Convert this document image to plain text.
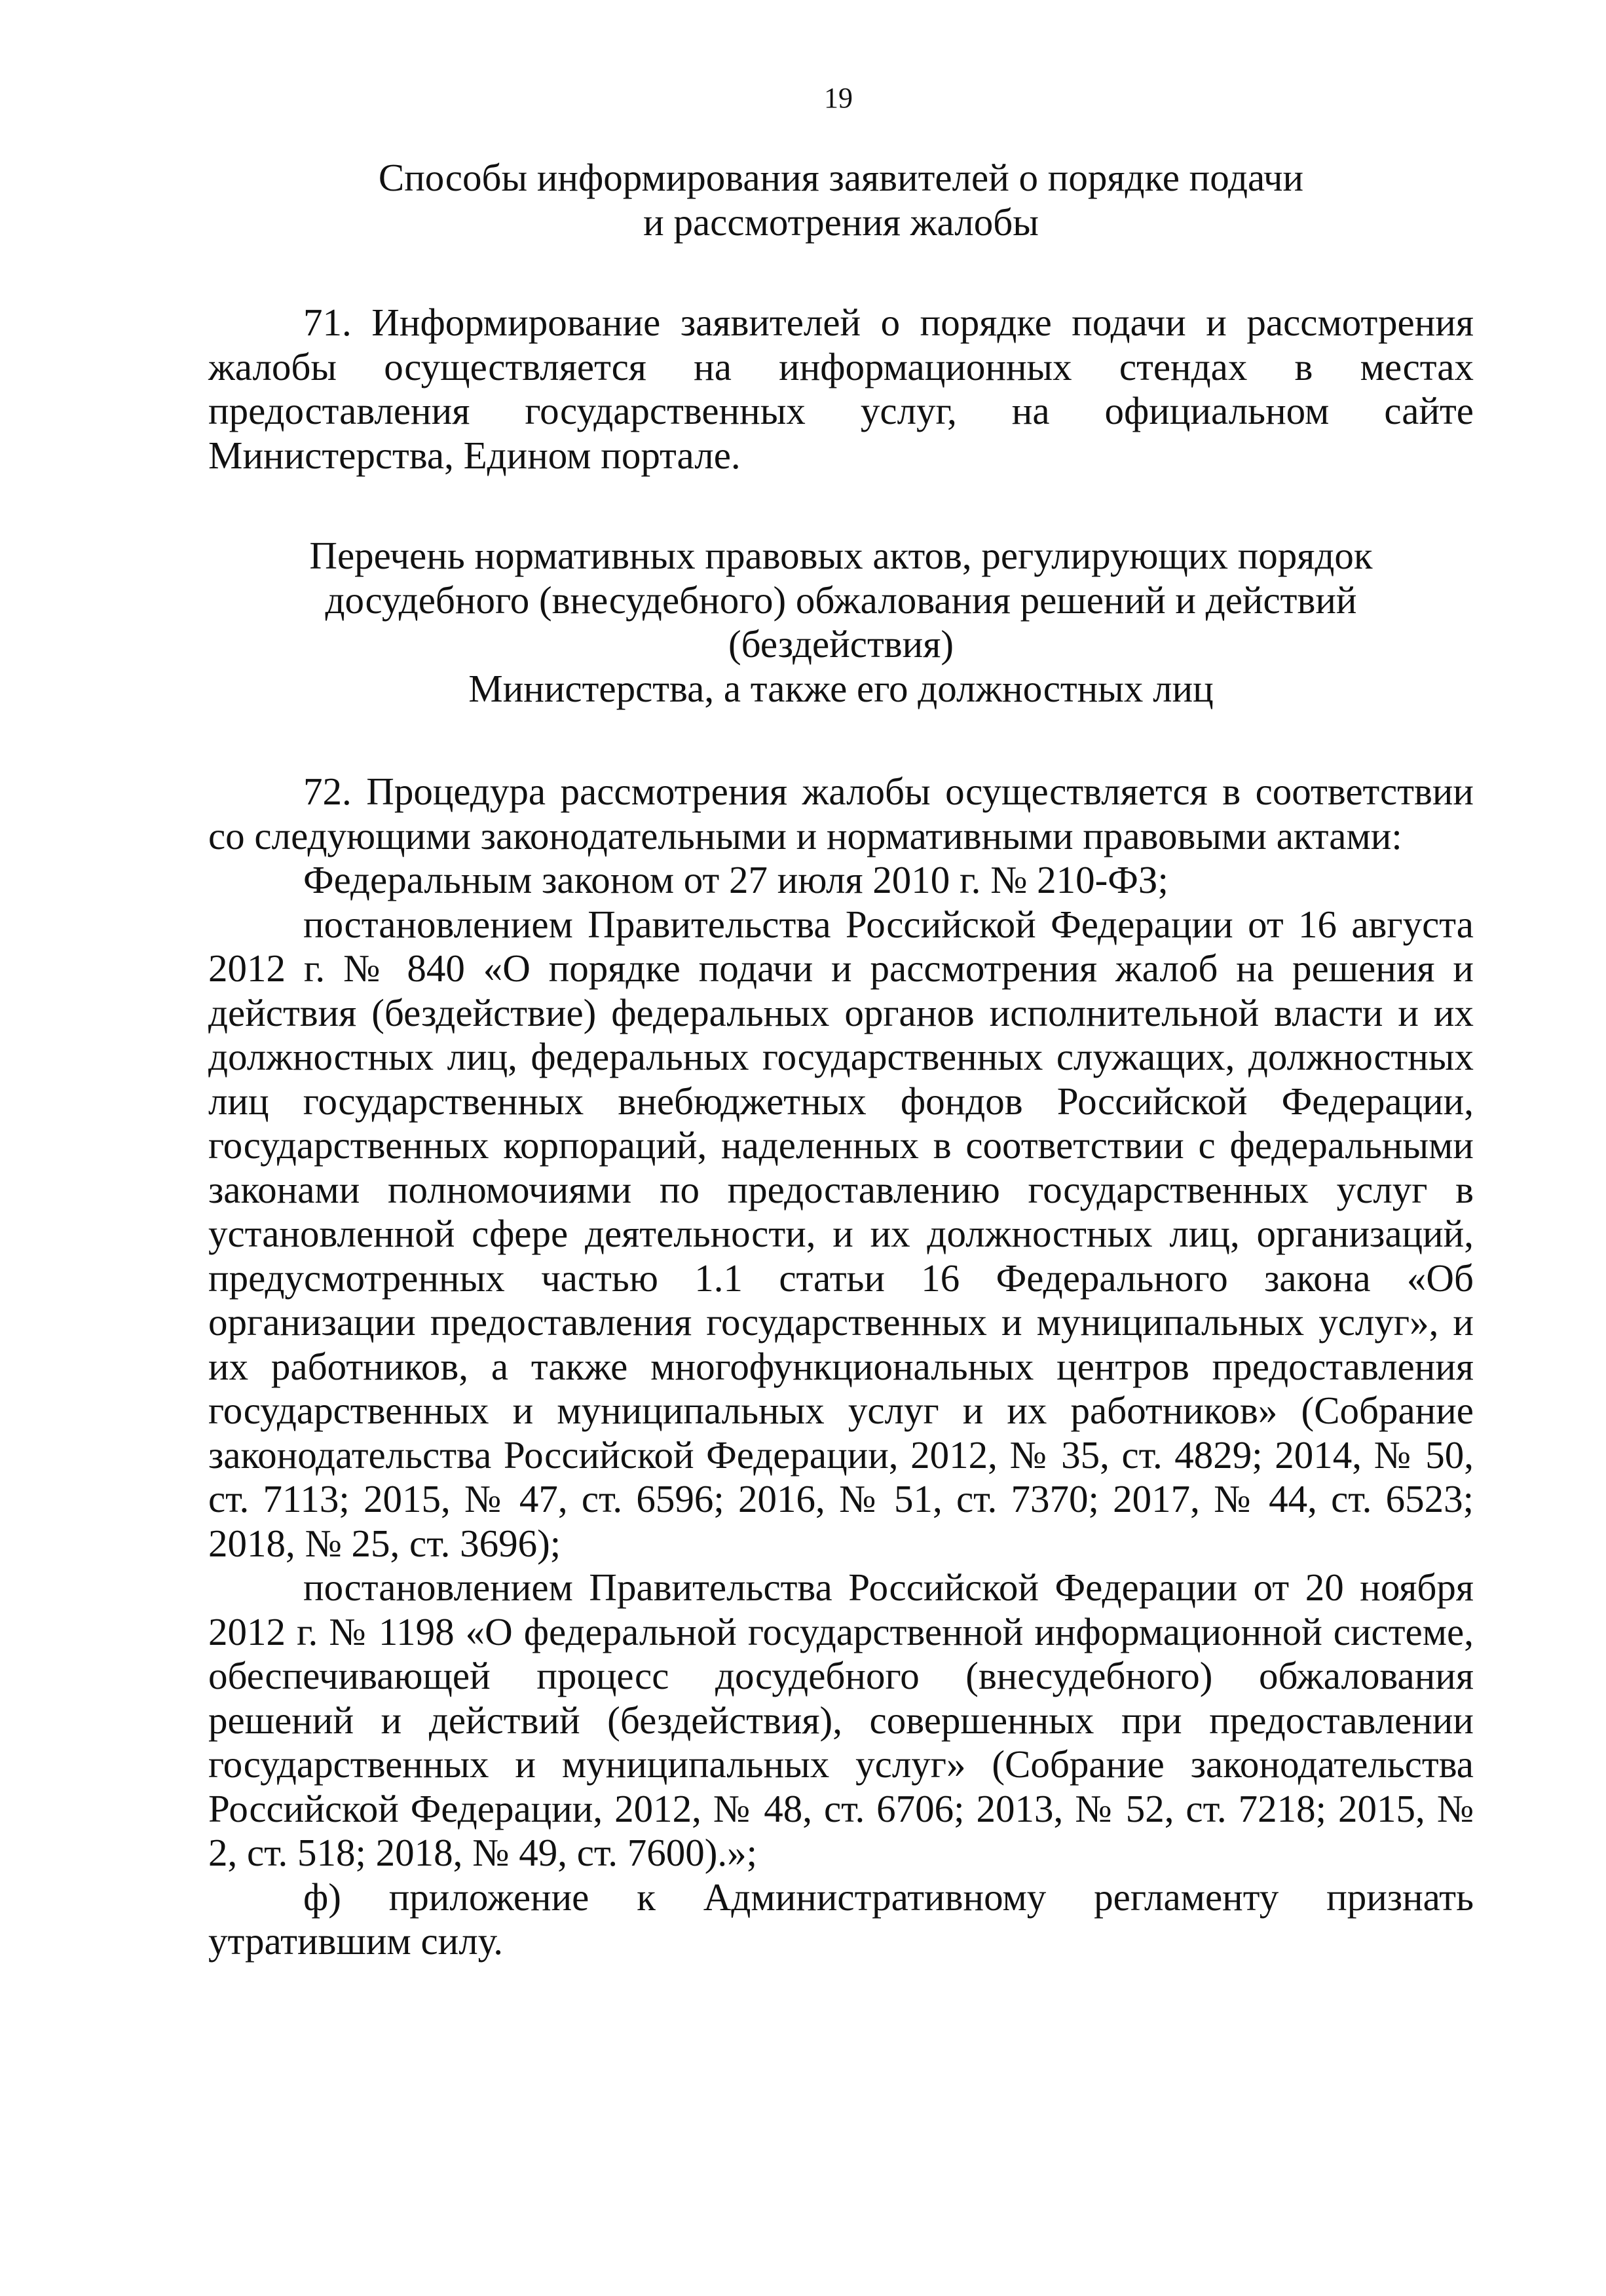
19
Способы информирования заявителей о порядке подачи
и рассмотрения жалобы

71. Информирование заявителей о порядке подачи и рассмотрения жалобы осуществляется на информационных стендах в местах предоставления государственных услуг, на официальном сайте Министерства, Едином портале.

Перечень нормативных правовых актов, регулирующих порядок
досудебного (внесудебного) обжалования решений и действий (бездействия)
Министерства, а также его должностных лиц

72. Процедура рассмотрения жалобы осуществляется в соответствии со следующими законодательными и нормативными правовыми актами:

Федеральным законом от 27 июля 2010 г. № 210-ФЗ;

постановлением Правительства Российской Федерации от 16 августа 2012 г. № 840 «О порядке подачи и рассмотрения жалоб на решения и действия (бездействие) федеральных органов исполнительной власти и их должностных лиц, федеральных государственных служащих, должностных лиц государственных внебюджетных фондов Российской Федерации, государственных корпораций, наделенных в соответствии с федеральными законами полномочиями по предоставлению государственных услуг в установленной сфере деятельности, и их должностных лиц, организаций, предусмотренных частью 1.1 статьи 16 Федерального закона «Об организации предоставления государственных и муниципальных услуг», и их работников, а также многофункциональных центров предоставления государственных и муниципальных услуг и их работников» (Собрание законодательства Российской Федерации, 2012, № 35, ст. 4829; 2014, № 50, ст. 7113; 2015, № 47, ст. 6596; 2016, № 51, ст. 7370; 2017, № 44, ст. 6523; 2018, № 25, ст. 3696);

постановлением Правительства Российской Федерации от 20 ноября 2012 г. № 1198 «О федеральной государственной информационной системе, обеспечивающей процесс досудебного (внесудебного) обжалования решений и действий (бездействия), совершенных при предоставлении государственных и муниципальных услуг» (Собрание законодательства Российской Федерации, 2012, № 48, ст. 6706; 2013, № 52, ст. 7218; 2015, № 2, ст. 518; 2018, № 49, ст. 7600).»;

ф) приложение к Административному регламенту признать утратившим силу.
